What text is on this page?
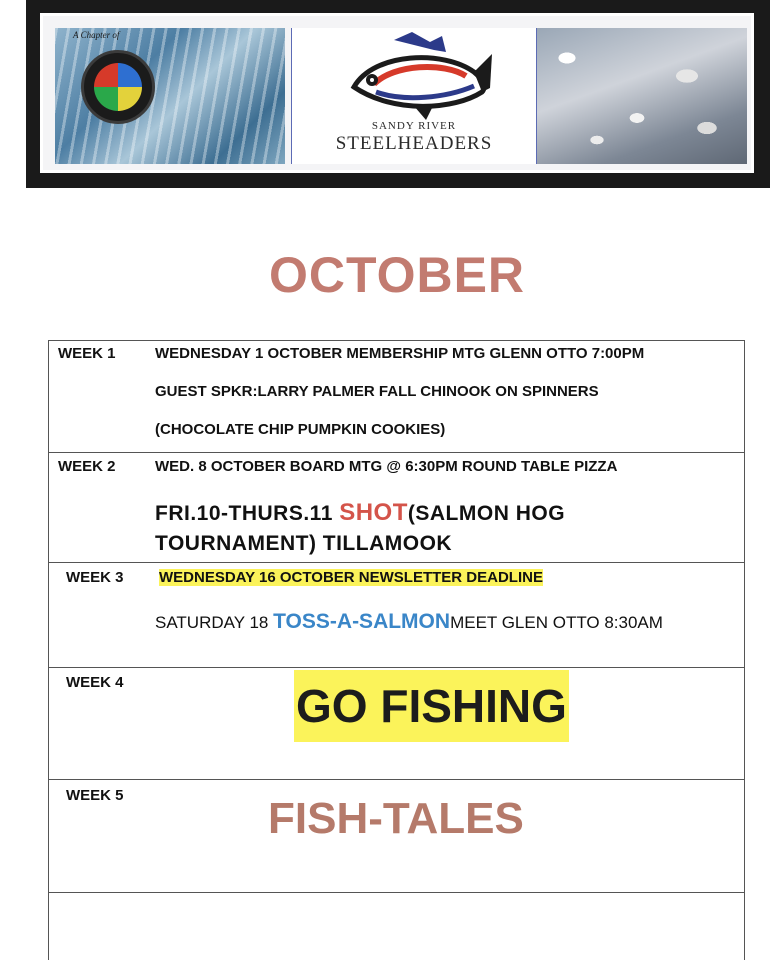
A Chapter of
SANDY RIVER
STEELHEADERS
OCTOBER
WEEK 1	WEDNESDAY 1 OCTOBER MEMBERSHIP MTG GLENN OTTO 7:00PM
GUEST SPKR:LARRY PALMER FALL CHINOOK ON SPINNERS
(CHOCOLATE CHIP PUMPKIN COOKIES)
WEEK 2	WED. 8 OCTOBER BOARD MTG @ 6:30PM ROUND TABLE PIZZA
FRI.10-THURS.11 SHOT(SALMON HOG TOURNAMENT) TILLAMOOK
WEEK 3 WEDNESDAY 16 OCTOBER NEWSLETTER DEADLINE
SATURDAY 18 TOSS-A-SALMONMEET GLEN OTTO 8:30AM
WEEK 4	GO FISHING
WEEK 5	FISH-TALES
